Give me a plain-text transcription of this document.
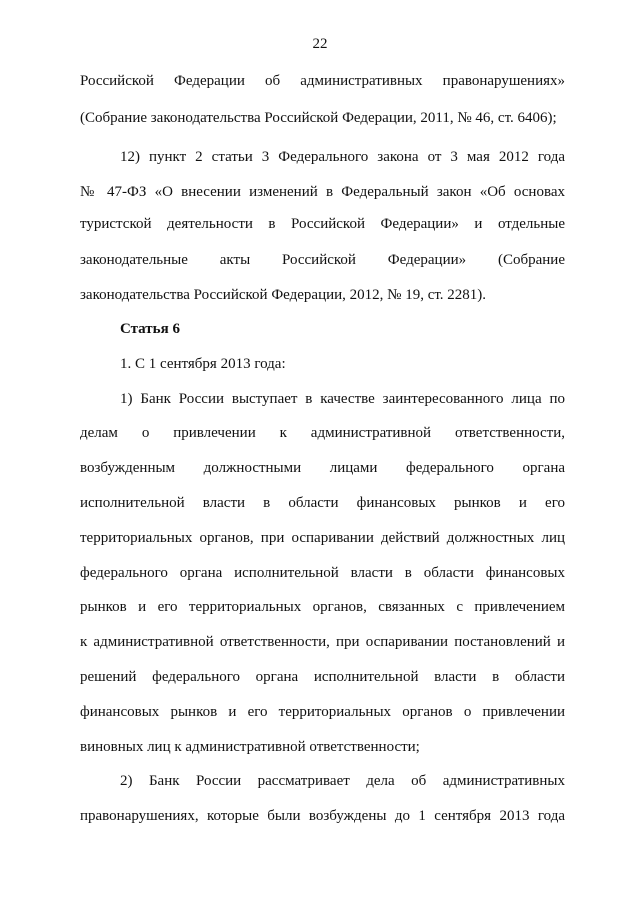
22
Российской Федерации об административных правонарушениях»
(Собрание законодательства Российской Федерации, 2011, № 46, ст. 6406);
12) пункт 2 статьи 3 Федерального закона от 3 мая 2012 года
№ 47-ФЗ «О внесении изменений в Федеральный закон «Об основах
туристской деятельности в Российской Федерации» и отдельные
законодательные акты Российской Федерации» (Собрание
законодательства Российской Федерации, 2012, № 19, ст. 2281).
Статья 6
1. С 1 сентября 2013 года:
1) Банк России выступает в качестве заинтересованного лица по
делам о привлечении к административной ответственности,
возбужденным должностными лицами федерального органа
исполнительной власти в области финансовых рынков и его
территориальных органов, при оспаривании действий должностных лиц
федерального органа исполнительной власти в области финансовых
рынков и его территориальных органов, связанных с привлечением
к административной ответственности, при оспаривании постановлений и
решений федерального органа исполнительной власти в области
финансовых рынков и его территориальных органов о привлечении
виновных лиц к административной ответственности;
2) Банк России рассматривает дела об административных
правонарушениях, которые были возбуждены до 1 сентября 2013 года
